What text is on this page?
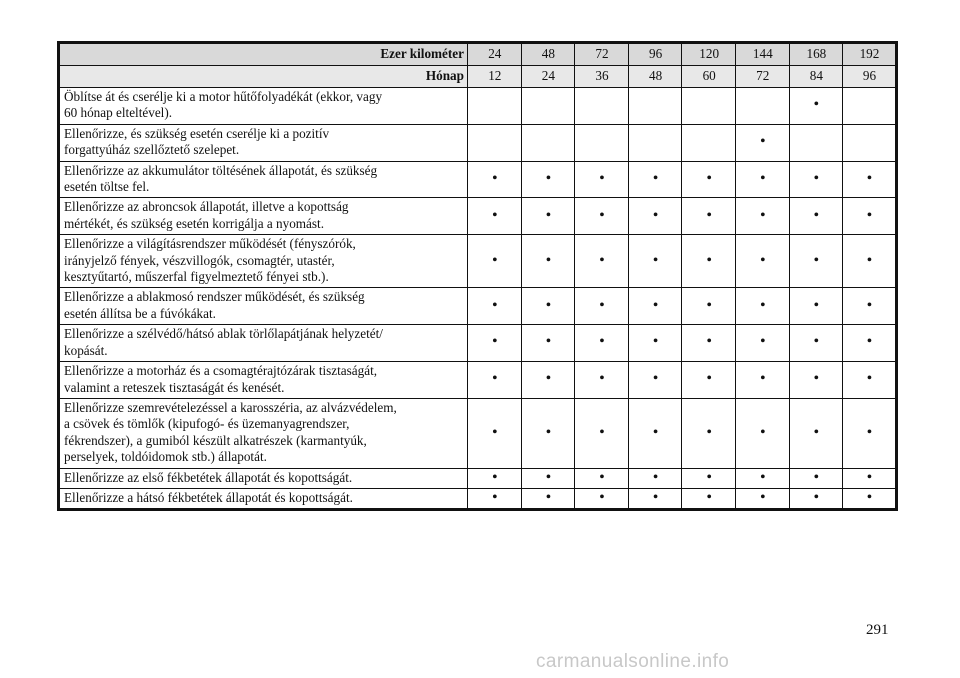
Ezer kilométer	24	48	72	96	120	144	168	192
Hónap	12	24	36	48	60	72	84	96
Öblítse át és cserélje ki a motor hűtőfolyadékát (ekkor, vagy
60 hónap elteltével).							•	
Ellenőrizze, és szükség esetén cserélje ki a pozitív
forgattyúház szellőztető szelepet.						•		
Ellenőrizze az akkumulátor töltésének állapotát, és szükség
esetén töltse fel.	•	•	•	•	•	•	•	•
Ellenőrizze az abroncsok állapotát, illetve a kopottság
mértékét, és szükség esetén korrigálja a nyomást.	•	•	•	•	•	•	•	•
Ellenőrizze a világításrendszer működését (fényszórók,
irányjelző fények, vészvillogók, csomagtér, utastér,
kesztyűtartó, műszerfal figyelmeztető fényei stb.).	•	•	•	•	•	•	•	•
Ellenőrizze a ablakmosó rendszer működését, és szükség
esetén állítsa be a fúvókákat.	•	•	•	•	•	•	•	•
Ellenőrizze a szélvédő/hátsó ablak törlőlapátjának helyzetét/
kopását.	•	•	•	•	•	•	•	•
Ellenőrizze a motorház és a csomagtérajtózárak tisztaságát,
valamint a reteszek tisztaságát és kenését.	•	•	•	•	•	•	•	•
Ellenőrizze szemrevételezéssel a karosszéria, az alvázvédelem,
a csövek és tömlők (kipufogó- és üzemanyagrendszer,
fékrendszer), a gumiból készült alkatrészek (karmantyúk,
perselyek, toldóidomok stb.) állapotát.	•	•	•	•	•	•	•	•
Ellenőrizze az első fékbetétek állapotát és kopottságát.	•	•	•	•	•	•	•	•
Ellenőrizze a hátsó fékbetétek állapotát és kopottságát.	•	•	•	•	•	•	•	•
291
carmanualsonline.info
